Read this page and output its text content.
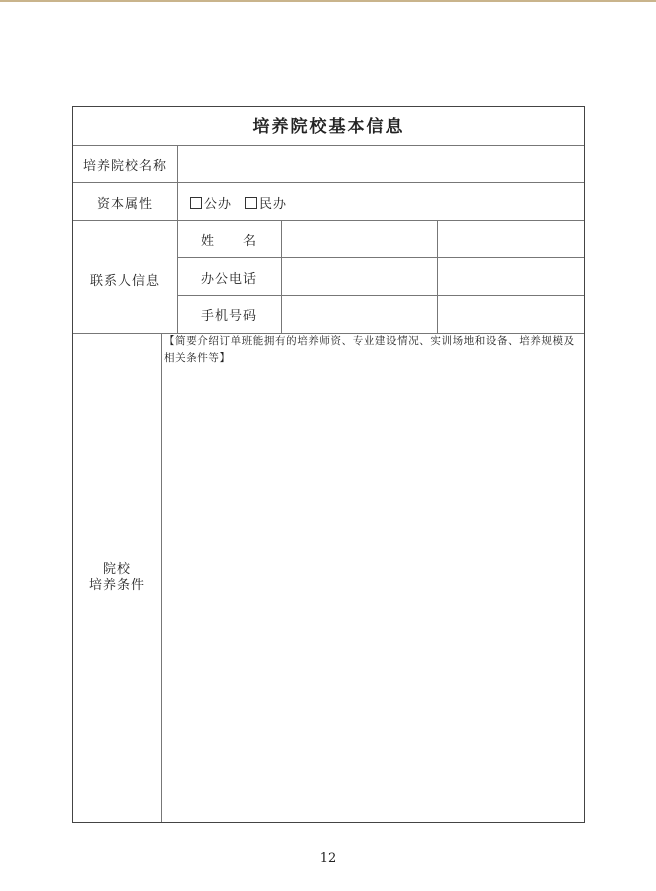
培养院校基本信息
培养院校名称
资本属性	公办	民办
联系人信息
姓　　名
办公电话
手机号码
院校
培养条件
【简要介绍订单班能拥有的培养师资、专业建设情况、实训场地和设备、培养规模及相关条件等】
12
